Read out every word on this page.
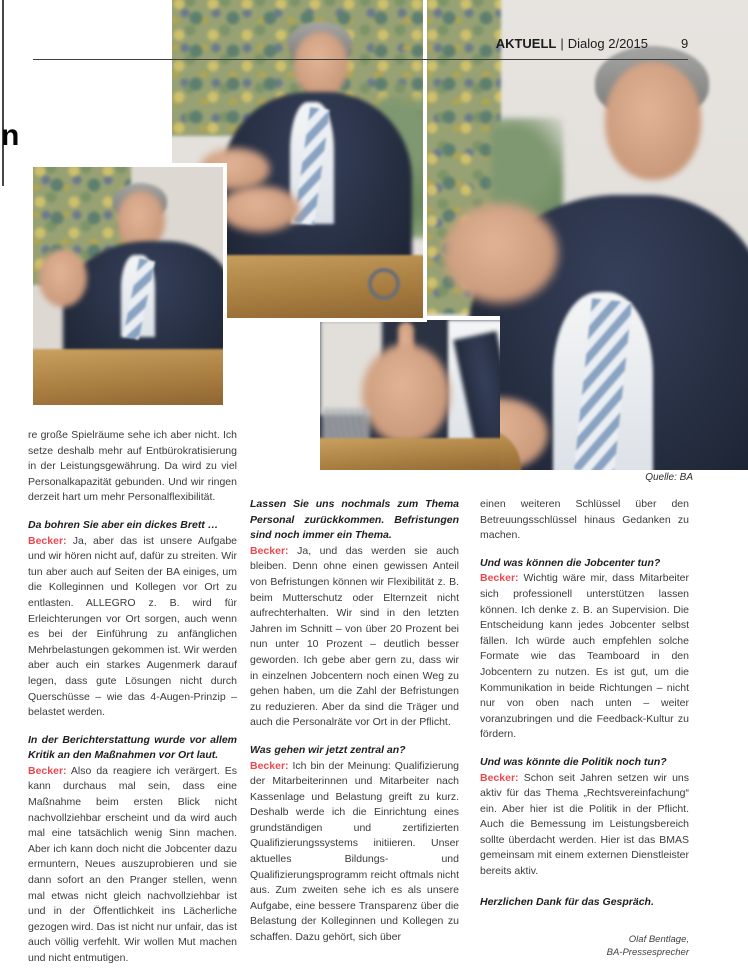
AKTUELL | Dialog 2/2015	9
n
Quelle: BA

re große Spielräume sehe ich aber nicht. Ich setze deshalb mehr auf Entbürokratisierung in der Leistungsgewährung. Da wird zu viel Personalkapazität gebunden. Und wir ringen derzeit hart um mehr Personalflexibilität.

Da bohren Sie aber ein dickes Brett …

Becker: Ja, aber das ist unsere Aufgabe und wir hören nicht auf, dafür zu streiten. Wir tun aber auch auf Seiten der BA einiges, um die Kolleginnen und Kollegen vor Ort zu entlasten. ALLEGRO z. B. wird für Erleichterungen vor Ort sorgen, auch wenn es bei der Einführung zu anfänglichen Mehrbelastungen gekommen ist. Wir werden aber auch ein starkes Augenmerk darauf legen, dass gute Lösungen nicht durch Querschüsse – wie das 4-Augen-Prinzip – belastet werden.

In der Berichterstattung wurde vor allem Kritik an den Maßnahmen vor Ort laut.

Becker: Also da reagiere ich verärgert. Es kann durchaus mal sein, dass eine Maßnahme beim ersten Blick nicht nachvollziehbar erscheint und da wird auch mal eine tatsächlich wenig Sinn machen. Aber ich kann doch nicht die Jobcenter dazu ermuntern, Neues auszuprobieren und sie dann sofort an den Pranger stellen, wenn mal etwas nicht gleich nachvollziehbar ist und in der Öffentlichkeit ins Lächerliche gezogen wird. Das ist nicht nur unfair, das ist auch völlig verfehlt. Wir wollen Mut machen und nicht entmutigen.

Lassen Sie uns nochmals zum Thema Personal zurückkommen. Befristungen sind noch immer ein Thema.

Becker: Ja, und das werden sie auch bleiben. Denn ohne einen gewissen Anteil von Befristungen können wir Flexibilität z. B. beim Mutterschutz oder Elternzeit nicht aufrechterhalten. Wir sind in den letzten Jahren im Schnitt – von über 20 Prozent bei nun unter 10 Prozent – deutlich besser geworden. Ich gebe aber gern zu, dass wir in einzelnen Jobcentern noch einen Weg zu gehen haben, um die Zahl der Befristungen zu reduzieren. Aber da sind die Träger und auch die Personalräte vor Ort in der Pflicht.

Was gehen wir jetzt zentral an?

Becker: Ich bin der Meinung: Qualifizierung der Mitarbeiterinnen und Mitarbeiter nach Kassenlage und Belastung greift zu kurz. Deshalb werde ich die Einrichtung eines grundständigen und zertifizierten Qualifizierungssystems initiieren. Unser aktuelles Bildungs- und Qualifizierungsprogramm reicht oftmals nicht aus. Zum zweiten sehe ich es als unsere Aufgabe, eine bessere Transparenz über die Belastung der Kolleginnen und Kollegen zu schaffen. Dazu gehört, sich über

einen weiteren Schlüssel über den Betreuungsschlüssel hinaus Gedanken zu machen.

Und was können die Jobcenter tun?

Becker: Wichtig wäre mir, dass Mitarbeiter sich professionell unterstützen lassen können. Ich denke z. B. an Supervision. Die Entscheidung kann jedes Jobcenter selbst fällen. Ich würde auch empfehlen solche Formate wie das Teamboard in den Jobcentern zu nutzen. Es ist gut, um die Kommunikation in beide Richtungen – nicht nur von oben nach unten – weiter voranzubringen und die Feedback-Kultur zu fördern.

Und was könnte die Politik noch tun?

Becker: Schon seit Jahren setzen wir uns aktiv für das Thema „Rechtsvereinfachung“ ein. Aber hier ist die Politik in der Pflicht. Auch die Bemessung im Leistungsbereich sollte überdacht werden. Hier ist das BMAS gemeinsam mit einem externen Dienstleister bereits aktiv.

Herzlichen Dank für das Gespräch.

Olaf Bentlage,
BA-Pressesprecher
